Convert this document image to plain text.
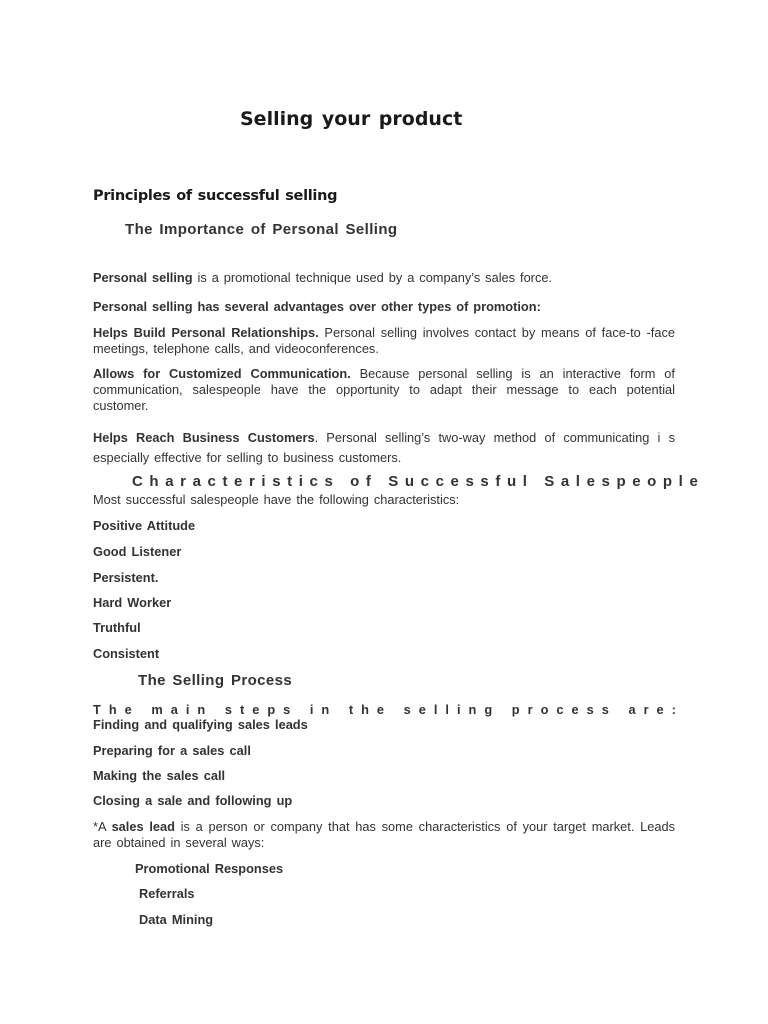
Selling your product
Principles of successful selling
The Importance of Personal Selling

Personal selling is a promotional technique used by a company’s sales force.

Personal selling has several advantages over other types of promotion:

Helps Build Personal Relationships. Personal selling involves contact by means of face-to -face meetings, telephone calls, and videoconferences.

Allows for Customized Communication. Because personal selling is an interactive form of communication, salespeople have the opportunity to adapt their message to each potential customer.

Helps Reach Business Customers. Personal selling’s two-way method of communicating i s especially effective for selling to business customers.

Characteristics of Successful Salespeople

Most successful salespeople have the following characteristics:

Positive Attitude
Good Listener
Persistent.
Hard Worker
Truthful
Consistent
The Selling Process
The main steps in the selling process are:
Finding and qualifying sales leads
Preparing for a sales call
Making the sales call
Closing a sale and following up

*A sales lead is a person or company that has some characteristics of your target market. Leads are obtained in several ways:

Promotional Responses
Referrals
Data Mining
